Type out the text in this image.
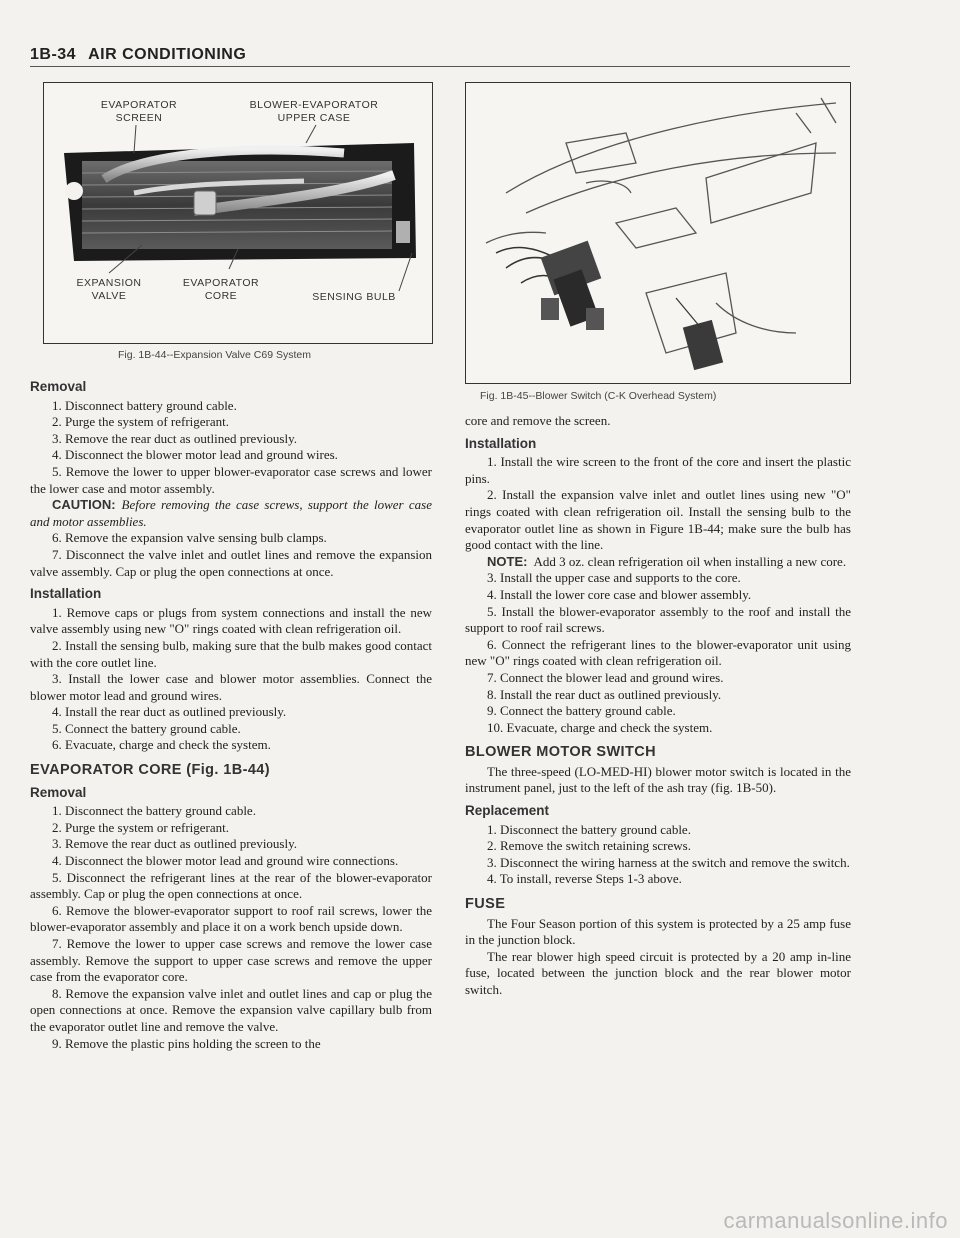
1B-34 AIR CONDITIONING
EVAPORATOR
SCREEN
BLOWER-EVAPORATOR
UPPER CASE
EXPANSION
VALVE
EVAPORATOR
CORE	SENSING BULB
Fig. 1B-44--Expansion Valve C69 System
Fig. 1B-45--Blower Switch (C-K Overhead System)
Removal

1. Disconnect battery ground cable.

2. Purge the system of refrigerant.

3. Remove the rear duct as outlined previously.

4. Disconnect the blower motor lead and ground wires.

5. Remove the lower to upper blower-evaporator case screws and lower the lower case and motor assembly.

CAUTION: Before removing the case screws, support the lower case and motor assemblies.

6. Remove the expansion valve sensing bulb clamps.

7. Disconnect the valve inlet and outlet lines and remove the expansion valve assembly. Cap or plug the open connections at once.

Installation

1. Remove caps or plugs from system connections and install the new valve assembly using new "O" rings coated with clean refrigeration oil.

2. Install the sensing bulb, making sure that the bulb makes good contact with the core outlet line.

3. Install the lower case and blower motor assemblies. Connect the blower motor lead and ground wires.

4. Install the rear duct as outlined previously.

5. Connect the battery ground cable.

6. Evacuate, charge and check the system.

EVAPORATOR CORE (Fig. 1B-44)
Removal

1. Disconnect the battery ground cable.

2. Purge the system or refrigerant.

3. Remove the rear duct as outlined previously.

4. Disconnect the blower motor lead and ground wire connections.

5. Disconnect the refrigerant lines at the rear of the blower-evaporator assembly. Cap or plug the open connections at once.

6. Remove the blower-evaporator support to roof rail screws, lower the blower-evaporator assembly and place it on a work bench upside down.

7. Remove the lower to upper case screws and remove the lower case assembly. Remove the support to upper case screws and remove the upper case from the evaporator core.

8. Remove the expansion valve inlet and outlet lines and cap or plug the open connections at once. Remove the expansion valve capillary bulb from the evaporator outlet line and remove the valve.

9. Remove the plastic pins holding the screen to the

core and remove the screen.

Installation

1. Install the wire screen to the front of the core and insert the plastic pins.

2. Install the expansion valve inlet and outlet lines using new "O" rings coated with clean refrigeration oil. Install the sensing bulb to the evaporator outlet line as shown in Figure 1B-44; make sure the bulb has good contact with the line.

NOTE: Add 3 oz. clean refrigeration oil when installing a new core.

3. Install the upper case and supports to the core.

4. Install the lower core case and blower assembly.

5. Install the blower-evaporator assembly to the roof and install the support to roof rail screws.

6. Connect the refrigerant lines to the blower-evaporator unit using new "O" rings coated with clean refrigeration oil.

7. Connect the blower lead and ground wires.

8. Install the rear duct as outlined previously.

9. Connect the battery ground cable.

10. Evacuate, charge and check the system.

BLOWER MOTOR SWITCH

The three-speed (LO-MED-HI) blower motor switch is located in the instrument panel, just to the left of the ash tray (fig. 1B-50).

Replacement

1. Disconnect the battery ground cable.

2. Remove the switch retaining screws.

3. Disconnect the wiring harness at the switch and remove the switch.

4. To install, reverse Steps 1-3 above.

FUSE

The Four Season portion of this system is protected by a 25 amp fuse in the junction block.

The rear blower high speed circuit is protected by a 20 amp in-line fuse, located between the junction block and the rear blower motor switch.

carmanualsonline.info
